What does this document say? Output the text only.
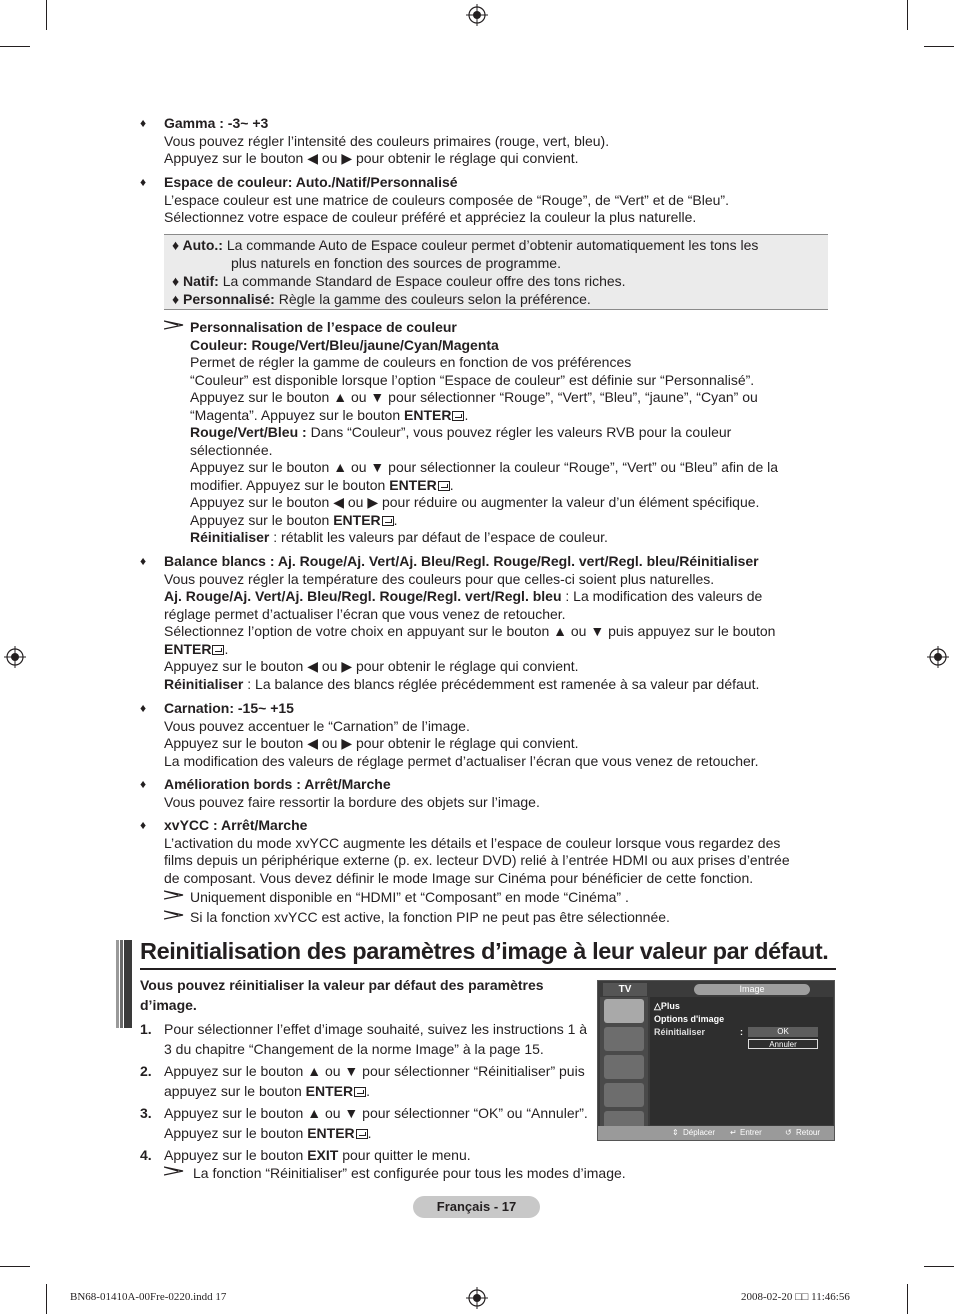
♦	Gamma : -3~ +3
Vous pouvez régler l’intensité des couleurs primaires (rouge, vert, bleu).
Appuyez sur le bouton ◀ ou ▶ pour obtenir le réglage qui convient.
♦	Espace de couleur: Auto./Natif/Personnalisé
L’espace couleur est une matrice de couleurs composée de “Rouge”, de “Vert” et de “Bleu”.
Sélectionnez votre espace de couleur préféré et appréciez la couleur la plus naturelle.
♦ Auto.: La commande Auto de Espace couleur permet d’obtenir automatiquement les tons les
plus naturels en fonction des sources de programme.
♦ Natif: La commande Standard de Espace couleur offre des tons riches.
♦ Personnalisé: Règle la gamme des couleurs selon la préférence.
Personnalisation de l’espace de couleur
Couleur: Rouge/Vert/Bleu/jaune/Cyan/Magenta
Permet de régler la gamme de couleurs en fonction de vos préférences
“Couleur” est disponible lorsque l’option “Espace de couleur” est définie sur “Personnalisé”.
Appuyez sur le bouton ▲ ou ▼ pour sélectionner “Rouge”, “Vert”, “Bleu”, “jaune”, “Cyan” ou
“Magenta”. Appuyez sur le bouton ENTER .
Rouge/Vert/Bleu : Dans “Couleur”, vous pouvez régler les valeurs RVB pour la couleur
sélectionnée.
Appuyez sur le bouton ▲ ou ▼ pour sélectionner la couleur “Rouge”, “Vert” ou “Bleu” afin de la
modifier. Appuyez sur le bouton ENTER .
Appuyez sur le bouton ◀ ou ▶ pour réduire ou augmenter la valeur d’un élément spécifique.
Appuyez sur le bouton ENTER .
Réinitialiser : rétablit les valeurs par défaut de l’espace de couleur.
♦	Balance blancs : Aj. Rouge/Aj. Vert/Aj. Bleu/Regl. Rouge/Regl. vert/Regl. bleu/Réinitialiser
Vous pouvez régler la température des couleurs pour que celles-ci soient plus naturelles.
Aj. Rouge/Aj. Vert/Aj. Bleu/Regl. Rouge/Regl. vert/Regl. bleu : La modification des valeurs de
réglage permet d’actualiser l’écran que vous venez de retoucher.
Sélectionnez l’option de votre choix en appuyant sur le bouton ▲ ou ▼ puis appuyez sur le bouton
ENTER .
Appuyez sur le bouton ◀ ou ▶ pour obtenir le réglage qui convient.
Réinitialiser : La balance des blancs réglée précédemment est ramenée à sa valeur par défaut.
♦	Carnation: -15~ +15
Vous pouvez accentuer le “Carnation” de l’image.
Appuyez sur le bouton ◀ ou ▶ pour obtenir le réglage qui convient.
La modification des valeurs de réglage permet d’actualiser l’écran que vous venez de retoucher.
♦	Amélioration bords : Arrêt/Marche
Vous pouvez faire ressortir la bordure des objets sur l’image.
♦	xvYCC : Arrêt/Marche
L’activation du mode xvYCC augmente les détails et l’espace de couleur lorsque vous regardez des
films depuis un périphérique externe (p. ex. lecteur DVD) relié à l’entrée HDMI ou aux prises d’entrée
de composant. Vous devez définir le mode Image sur Cinéma pour bénéficier de cette fonction.
Uniquement disponible en “HDMI” et “Composant” en mode “Cinéma” .
Si la fonction xvYCC est active, la fonction PIP ne peut pas être sélectionnée.
Reinitialisation des paramètres d’image à leur valeur par défaut.
Vous pouvez réinitialiser la valeur par défaut des paramètres d’image.
1. Pour sélectionner l’effet d’image souhaité, suivez les instructions 1 à 3 du chapitre “Changement de la norme Image” à la page 15.
2. Appuyez sur le bouton ▲ ou ▼ pour sélectionner “Réinitialiser” puis appuyez sur le bouton ENTER .
3. Appuyez sur le bouton ▲ ou ▼ pour sélectionner “OK” ou “Annuler”. Appuyez sur le bouton ENTER .
4. Appuyez sur le bouton EXIT pour quitter le menu.
La fonction “Réinitialiser” est configurée pour tous les modes d’image.
TV	Image
△Plus
Options d'image
Réinitialiser	:	OK
Annuler
⇕ Déplacer ↵ Entrer	↺ Retour
Français - 17
BN68-01410A-00Fre-0220.indd 17	2008-02-20 □□ 11:46:56
